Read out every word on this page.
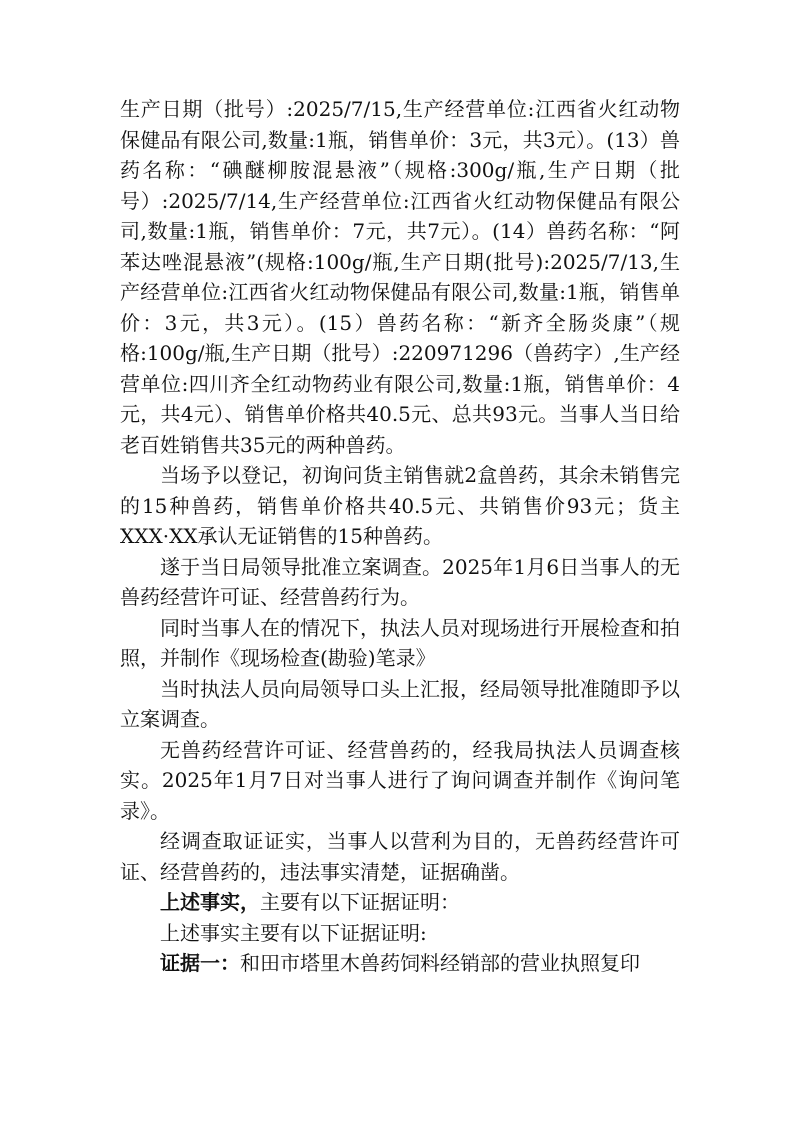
生产日期（批号）:2025/7/15,生产经营单位:江西省火红动物保健品有限公司,数量:1瓶，销售单价：3元，共3元）。(13）兽药名称：“碘醚柳胺混悬液”（规格:300g/瓶,生产日期（批号）:2025/7/14,生产经营单位:江西省火红动物保健品有限公司,数量:1瓶，销售单价：7元，共7元）。(14）兽药名称：“阿苯达唑混悬液”(规格:100g/瓶,生产日期(批号):2025/7/13,生产经营单位:江西省火红动物保健品有限公司,数量:1瓶，销售单价：3元，共3元）。(15）兽药名称：“新齐全肠炎康”（规格:100g/瓶,生产日期（批号）:220971296（兽药字）,生产经营单位:四川齐全红动物药业有限公司,数量:1瓶，销售单价：4元，共4元）、销售单价格共40.5元、总共93元。当事人当日给老百姓销售共35元的两种兽药。

当场予以登记，初询问货主销售就2盒兽药，其余未销售完的15种兽药，销售单价格共40.5元、共销售价93元；货主XXX·XX承认无证销售的15种兽药。

遂于当日局领导批准立案调查。2025年1月6日当事人的无兽药经营许可证、经营兽药行为。

同时当事人在的情况下，执法人员对现场进行开展检查和拍照，并制作《现场检查(勘验)笔录》

当时执法人员向局领导口头上汇报，经局领导批准随即予以立案调查。

无兽药经营许可证、经营兽药的，经我局执法人员调查核实。2025年1月7日对当事人进行了询问调查并制作《询问笔录》。

经调查取证证实，当事人以营利为目的，无兽药经营许可证、经营兽药的，违法事实清楚，证据确凿。

上述事实，主要有以下证据证明：

上述事实主要有以下证据证明:

证据一：和田市塔里木兽药饲料经销部的营业执照复印
